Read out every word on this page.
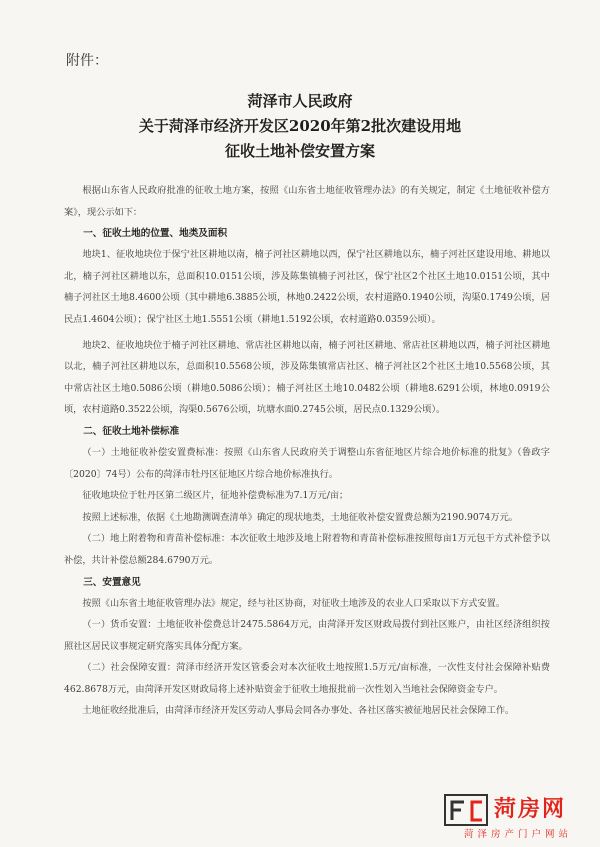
附件：
菏泽市人民政府
关于菏泽市经济开发区2020年第2批次建设用地
征收土地补偿安置方案

根据山东省人民政府批准的征收土地方案，按照《山东省土地征收管理办法》的有关规定，制定《土地征收补偿方案》，现公示如下：

一、征收土地的位置、地类及面积

地块1、征收地块位于保宁社区耕地以南，楠子河社区耕地以西，保宁社区耕地以东，楠子河社区建设用地、耕地以北，楠子河社区耕地以东，总面积10.0151公顷，涉及陈集镇楠子河社区，保宁社区2个社区土地10.0151公顷，其中楠子河社区土地8.4600公顷（其中耕地6.3885公顷，林地0.2422公顷，农村道路0.1940公顷，沟渠0.1749公顷，居民点1.4604公顷）；保宁社区土地1.5551公顷（耕地1.5192公顷，农村道路0.0359公顷）。

地块2、征收地块位于楠子河社区耕地、常店社区耕地以南，楠子河社区耕地、常店社区耕地以西，楠子河社区耕地以北，楠子河社区耕地以东，总面积10.5568公顷，涉及陈集镇常店社区、楠子河社区2个社区土地10.5568公顷，其中常店社区土地0.5086公顷（耕地0.5086公顷）；楠子河社区土地10.0482公顷（耕地8.6291公顷，林地0.0919公顷，农村道路0.3522公顷，沟渠0.5676公顷，坑塘水面0.2745公顷，居民点0.1329公顷）。

二、征收土地补偿标准

（一）土地征收补偿安置费标准：按照《山东省人民政府关于调整山东省征地区片综合地价标准的批复》（鲁政字〔2020〕74号）公布的菏泽市牡丹区征地区片综合地价标准执行。

征收地块位于牡丹区第二级区片，征地补偿费标准为7.1万元/亩；

按照上述标准，依据《土地勘测调查清单》确定的现状地类，土地征收补偿安置费总额为2190.9074万元。

（二）地上附着物和青苗补偿标准：本次征收土地涉及地上附着物和青苗补偿标准按照每亩1万元包干方式补偿予以补偿，共计补偿总额284.6790万元。

三、安置意见

按照《山东省土地征收管理办法》规定，经与社区协商，对征收土地涉及的农业人口采取以下方式安置。

（一）货币安置：土地征收补偿费总计2475.5864万元，由菏泽开发区财政局拨付到社区账户，由社区经济组织按照社区居民议事规定研究落实具体分配方案。

（二）社会保障安置：菏泽市经济开发区管委会对本次征收土地按照1.5万元/亩标准，一次性支付社会保障补贴费462.8678万元，由菏泽开发区财政局将上述补贴资金于征收土地报批前一次性划入当地社会保障资金专户。

土地征收经批准后，由菏泽市经济开发区劳动人事局会同各办事处、各社区落实被征地居民社会保障工作。

菏房网
菏泽房产门户网站
